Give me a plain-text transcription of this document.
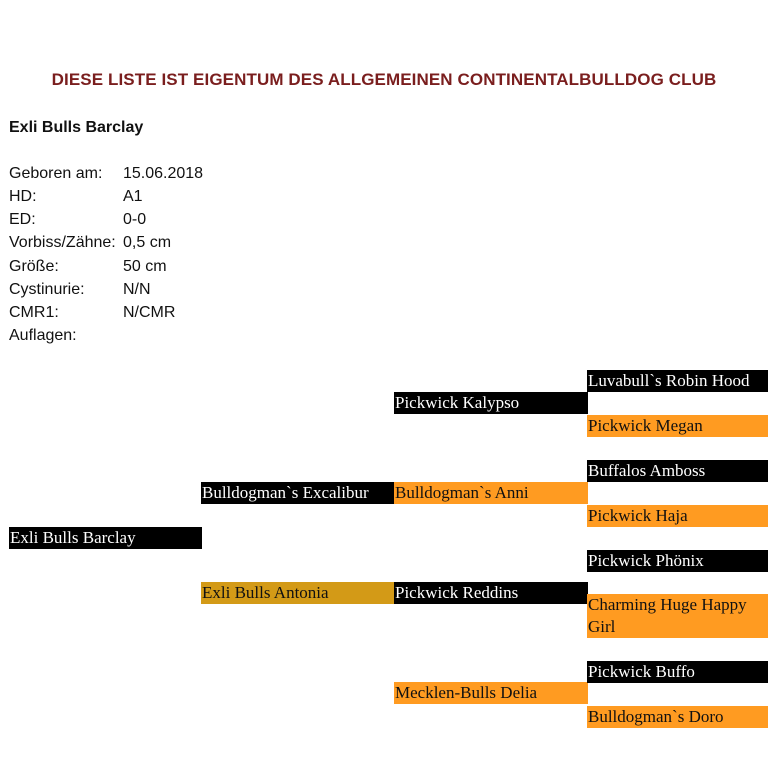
DIESE LISTE IST EIGENTUM DES ALLGEMEINEN CONTINENTALBULLDOG CLUB
Exli Bulls Barclay
Geboren am: 15.06.2018
HD:	A1
ED:	0-0
Vorbiss/Zähne: 0,5 cm
Größe:	50 cm
Cystinurie: N/N
CMR1:	N/CMR
Auflagen:
Exli Bulls Barclay
Bulldogman`s Excalibur
Exli Bulls Antonia
Pickwick Kalypso
Bulldogman`s Anni
Pickwick Reddins
Mecklen-Bulls Delia
Luvabull`s Robin Hood
Pickwick Megan
Buffalos Amboss
Pickwick Haja
Pickwick Phönix
Charming Huge Happy Girl
Pickwick Buffo
Bulldogman`s Doro
